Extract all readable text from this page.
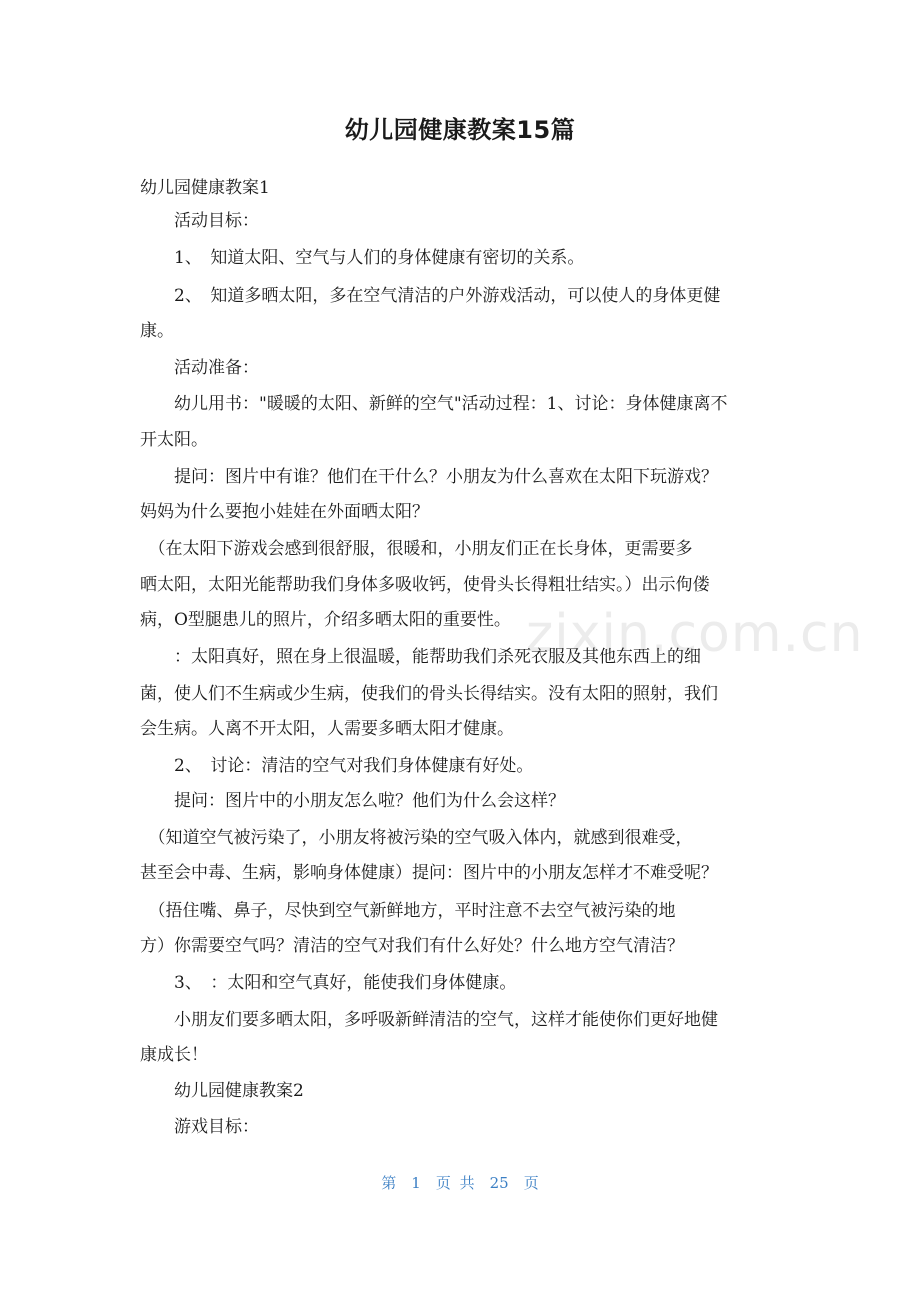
幼儿园健康教案15篇
zixin.com.cn
幼儿园健康教案1
　　活动目标：
　　1、　知道太阳、空气与人们的身体健康有密切的关系。
　　2、　知道多晒太阳，多在空气清洁的户外游戏活动，可以使人的身体更健
康。
　　活动准备：
　　幼儿用书："暖暖的太阳、新鲜的空气"活动过程：1、讨论：身体健康离不
开太阳。
　　提问：图片中有谁？他们在干什么？小朋友为什么喜欢在太阳下玩游戏？
妈妈为什么要抱小娃娃在外面晒太阳？
　（在太阳下游戏会感到很舒服，很暖和，小朋友们正在长身体，更需要多
晒太阳，太阳光能帮助我们身体多吸收钙，使骨头长得粗壮结实。）出示佝偻
病，O型腿患儿的照片，介绍多晒太阳的重要性。
　　：太阳真好，照在身上很温暖，能帮助我们杀死衣服及其他东西上的细
菌，使人们不生病或少生病，使我们的骨头长得结实。没有太阳的照射，我们
会生病。人离不开太阳，人需要多晒太阳才健康。
　　2、　讨论：清洁的空气对我们身体健康有好处。
　　提问：图片中的小朋友怎么啦？他们为什么会这样？
　（知道空气被污染了，小朋友将被污染的空气吸入体内，就感到很难受，
甚至会中毒、生病，影响身体健康）提问：图片中的小朋友怎样才不难受呢？
　（捂住嘴、鼻子，尽快到空气新鲜地方，平时注意不去空气被污染的地
方）你需要空气吗？清洁的空气对我们有什么好处？什么地方空气清洁？
　　3、　：太阳和空气真好，能使我们身体健康。
　　小朋友们要多晒太阳，多呼吸新鲜清洁的空气，这样才能使你们更好地健
康成长！
　　幼儿园健康教案2
　　游戏目标：
第　1　页 共　25　页
